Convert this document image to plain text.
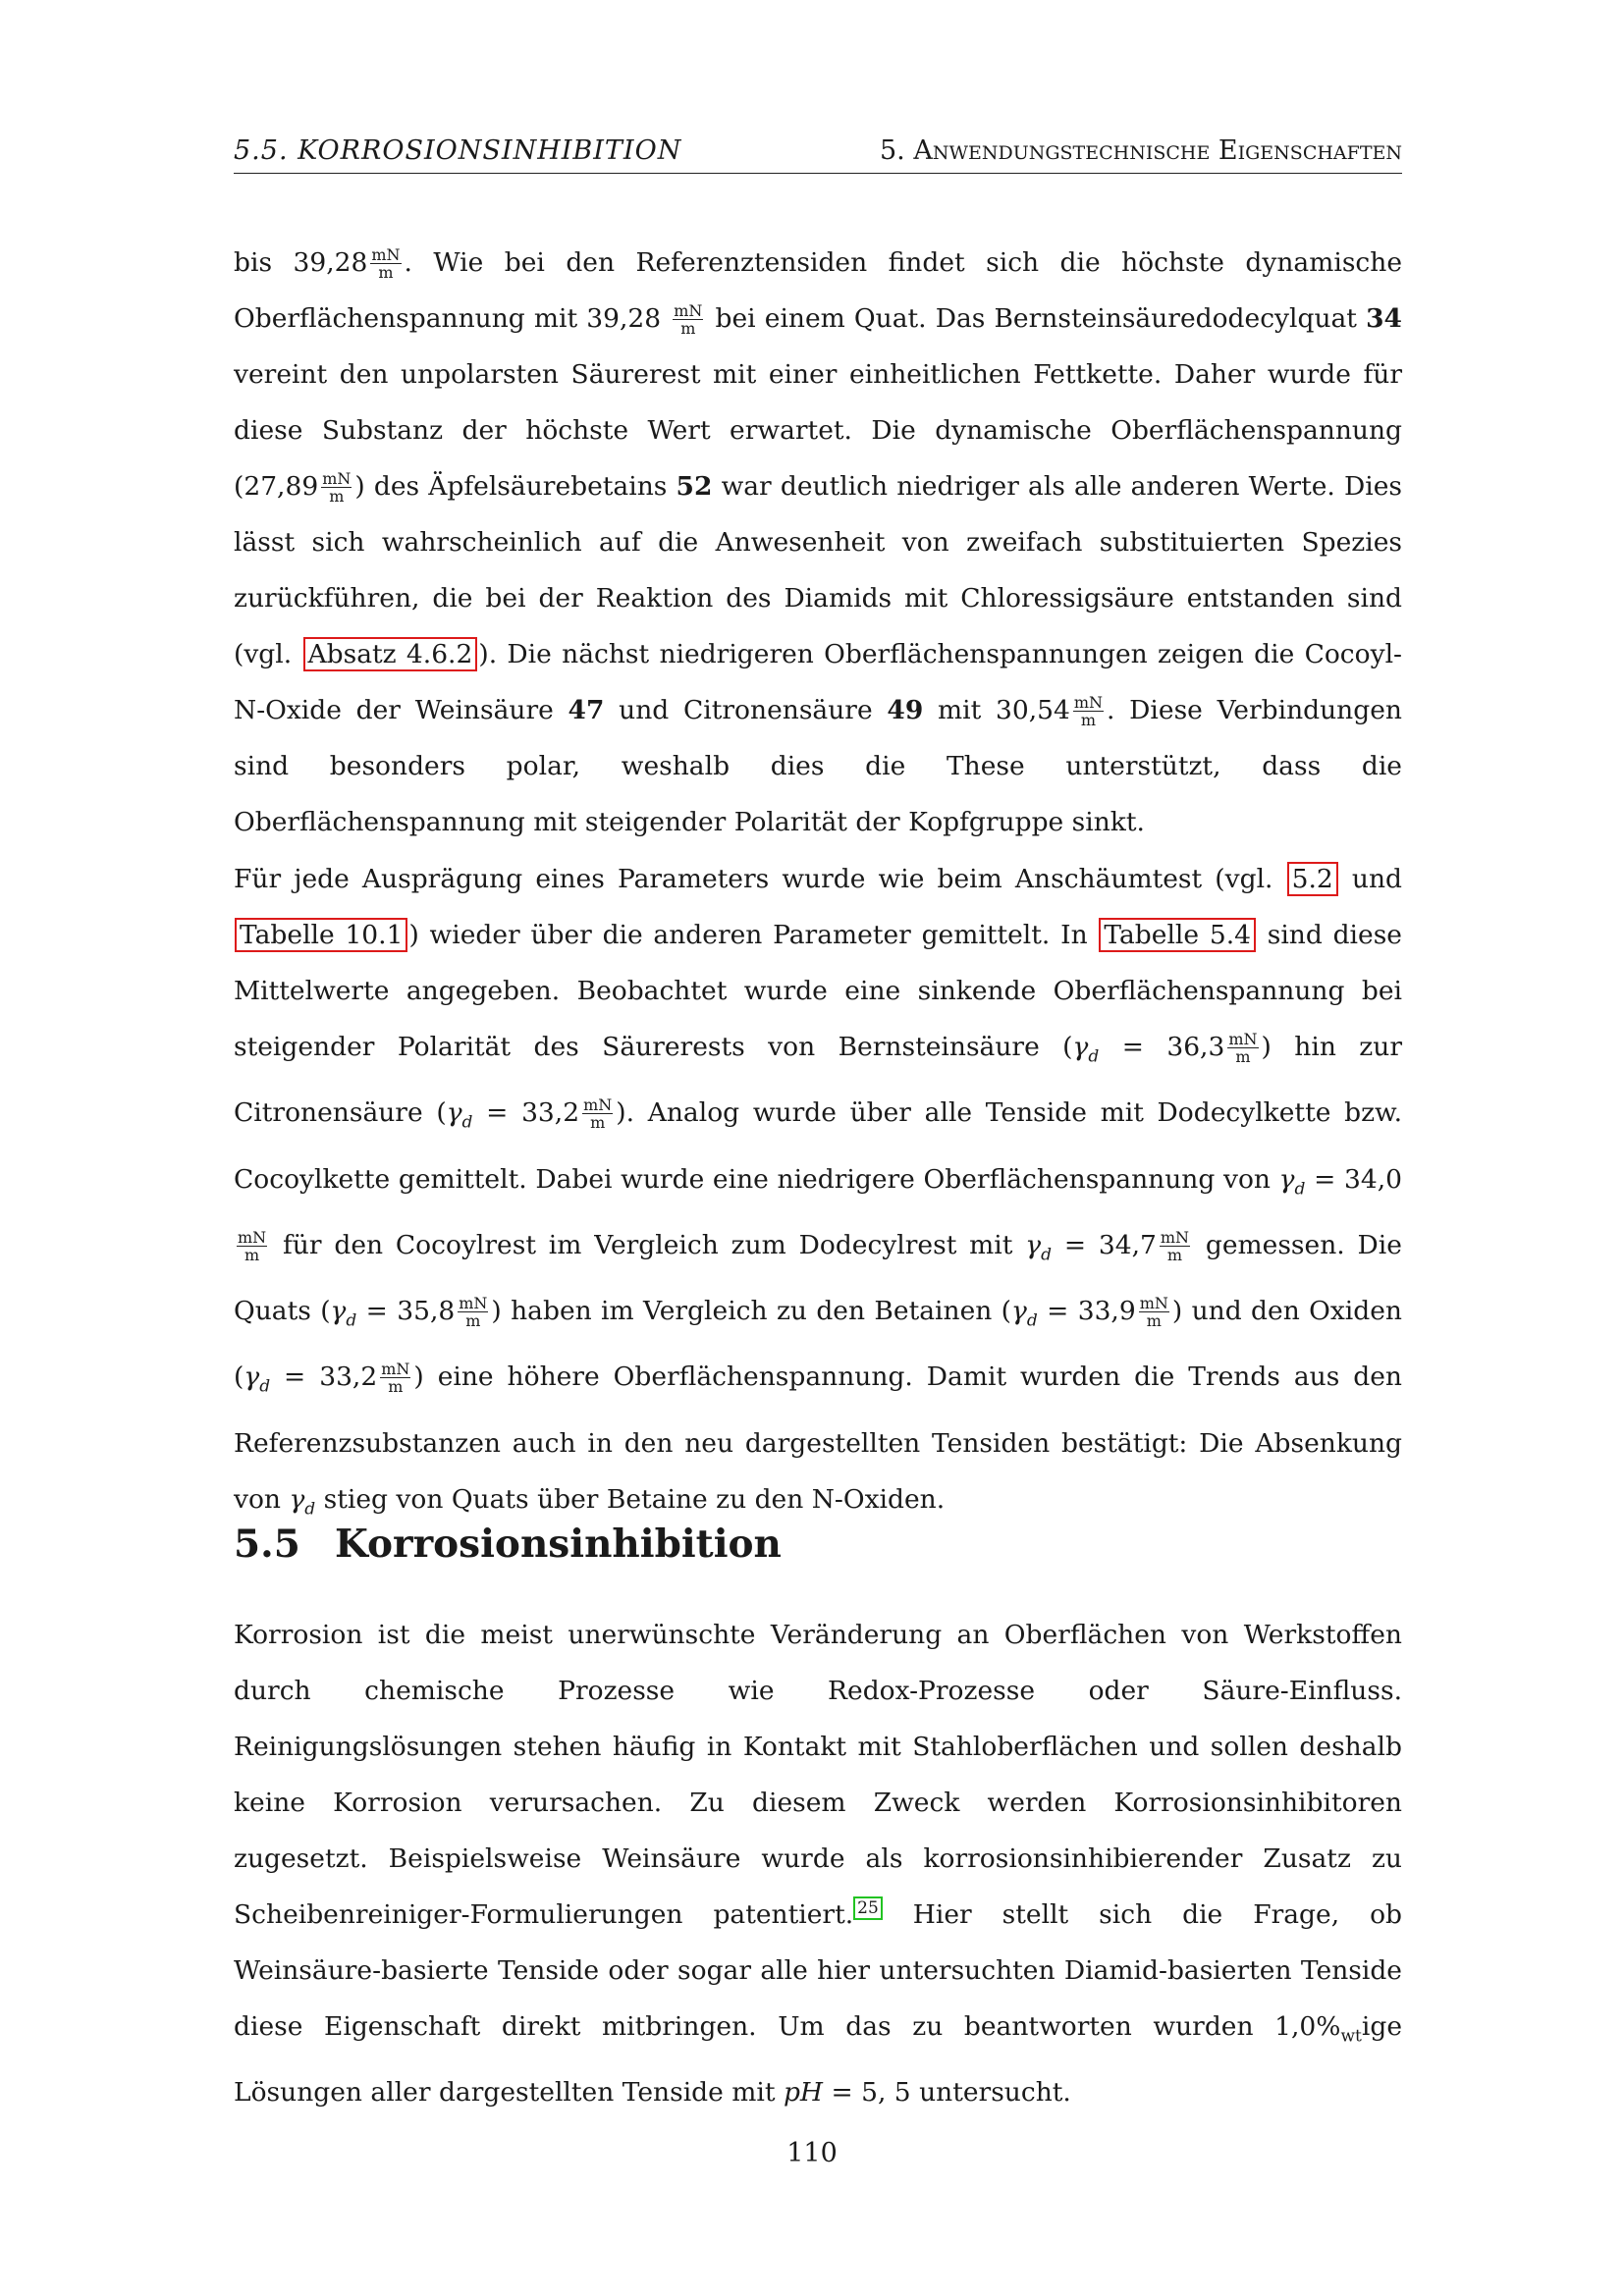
5.5. KORROSIONSINHIBITION	5. Anwendungstechnische Eigenschaften

bis $39,28 \frac{mN}{m}$ . Wie bei den Referenztensiden findet sich die höchste dynamische Oberflächenspannung mit $39,28 \frac{mN}{m}$ bei einem Quat. Das Bernsteinsäuredodecylquat 34 vereint den unpolarsten Säurerest mit einer einheitlichen Fettkette. Daher wurde für diese Substanz der höchste Wert erwartet. Die dynamische Oberflächenspannung ($27,89 \frac{mN}{m}$ ) des Äpfelsäurebetains 52 war deutlich niedriger als alle anderen Werte. Dies lässt sich wahrscheinlich auf die Anwesenheit von zweifach substituierten Spezies zurückführen, die bei der Reaktion des Diamids mit Chloressigsäure entstanden sind (vgl. Absatz 4.6.2 ). Die nächst niedrigeren Oberflächenspannungen zeigen die Cocoyl-N-Oxide der Weinsäure 47 und Citronensäure 49 mit $30,54 \frac{mN}{m}$ . Diese Verbindungen sind besonders polar, weshalb dies die These unterstützt, dass die Oberflächenspannung mit steigender Polarität der Kopfgruppe sinkt.

Für jede Ausprägung eines Parameters wurde wie beim Anschäumtest (vgl. 5.2 und Tabelle 10.1 ) wieder über die anderen Parameter gemittelt. In Tabelle 5.4 sind diese Mittelwerte angegeben. Beobachtet wurde eine sinkende Oberflächenspannung bei steigender Polarität des Säurerests von Bernsteinsäure ($\gamma_d = 36,3 \frac{mN}{m}$ ) hin zur Citronensäure ($\gamma_d = 33,2 \frac{mN}{m}$ ). Analog wurde über alle Tenside mit Dodecylkette bzw. Cocoylkette gemittelt. Dabei wurde eine niedrigere Oberflächenspannung von $\gamma_d = 34,0$
$\frac{mN}{m}$ für den Cocoylrest im Vergleich zum Dodecylrest mit $\gamma_d = 34,7 \frac{mN}{m}$ gemessen. Die Quats ($\gamma_d = 35,8 \frac{mN}{m}$ ) haben im Vergleich zu den Betainen ($\gamma_d = 33,9 \frac{mN}{m}$ ) und den Oxiden ($\gamma_d = 33,2 \frac{mN}{m}$ ) eine höhere Oberflächenspannung. Damit wurden die Trends aus den Referenzsubstanzen auch in den neu dargestellten Tensiden bestätigt: Die Absenkung von $\gamma_d$ stieg von Quats über Betaine zu den N-Oxiden.

5.5 Korrosionsinhibition

Korrosion ist die meist unerwünschte Veränderung an Oberflächen von Werkstoffen durch chemische Prozesse wie Redox-Prozesse oder Säure-Einfluss. Reinigungslösungen stehen häufig in Kontakt mit Stahloberflächen und sollen deshalb keine Korrosion verursachen. Zu diesem Zweck werden Korrosionsinhibitoren zugesetzt. Beispielsweise Weinsäure wurde als korrosionsinhibierender Zusatz zu Scheibenreiniger-Formulierungen patentiert. $^{25}$ Hier stellt sich die Frage, ob Weinsäure-basierte Tenside oder sogar alle hier untersuchten Diamid-basierten Tenside diese Eigenschaft direkt mitbringen. Um das zu beantworten wurden $1,0\%_{wt}ige$ Lösungen aller dargestellten Tenside mit pH = 5, 5 untersucht.

110
